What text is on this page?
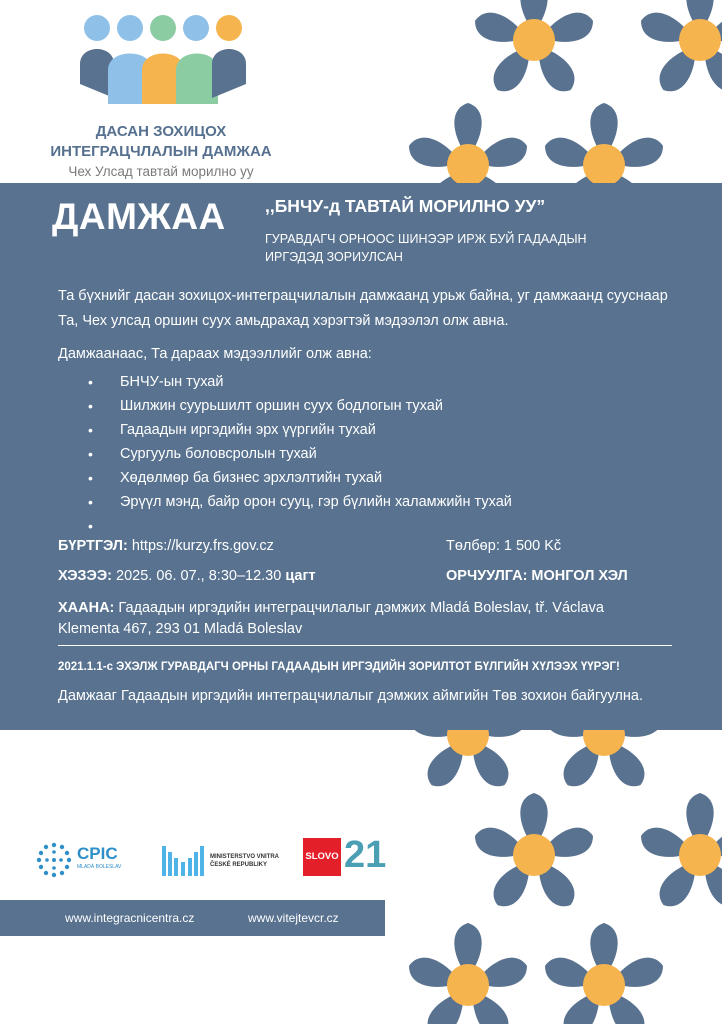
ДАСАН ЗОХИЦОХ
ИНТЕГРАЦЧЛАЛЫН ДАМЖАА
Чех Улсад тавтай морилно уу
ДАМЖАА ,,БНЧУ-д ТАВТАЙ МОРИЛНО УУ”
ГУРАВДАГЧ ОРНООС ШИНЭЭР ИРЖ БУЙ ГАДААДЫН
ИРГЭДЭД ЗОРИУЛСАН
Та бүхнийг дасан зохицох-интеграцчилалын дамжаанд урьж байна, уг дамжаанд сууснаар Та, Чех улсад оршин суух амьдрахад хэрэгтэй мэдээлэл олж авна.
Дамжаанаас, Та дараах мэдээллийг олж авна:
• БНЧУ-ын тухай
• Шилжин суурьшилт оршин суух бодлогын тухай
• Гадаадын иргэдийн эрх үүргийн тухай
• Сургууль боловсролын тухай
• Хөдөлмөр ба бизнес эрхлэлтийн тухай
• Эрүүл мэнд, байр орон сууц, гэр бүлийн халамжийн тухай
•
БҮРТГЭЛ: https://kurzy.frs.gov.cz	Төлбөр: 1 500 Kč
ХЭЗЭЭ: 2025. 06. 07., 8:30–12.30 цагт	ОРЧУУЛГА: МОНГОЛ ХЭЛ
ХААНА: Гадаадын иргэдийн интеграцчилалыг дэмжих Mladá Boleslav, tř. Václava Klementa 467, 293 01 Mladá Boleslav
2021.1.1-с ЭХЭЛЖ ГУРАВДАГЧ ОРНЫ ГАДААДЫН ИРГЭДИЙН ЗОРИЛТОТ БҮЛГИЙН ХҮЛЭЭХ ҮҮРЭГ!
Дамжааг Гадаадын иргэдийн интеграцчилалыг дэмжих аймгийн Төв зохион байгуулна.
CPIC
MLADÁ BOLESLAV
MINISTERSTVO VNITRA
ČESKÉ REPUBLIKY
SLOVO 21
www.integracnicentra.cz	www.vitejtevcr.cz
